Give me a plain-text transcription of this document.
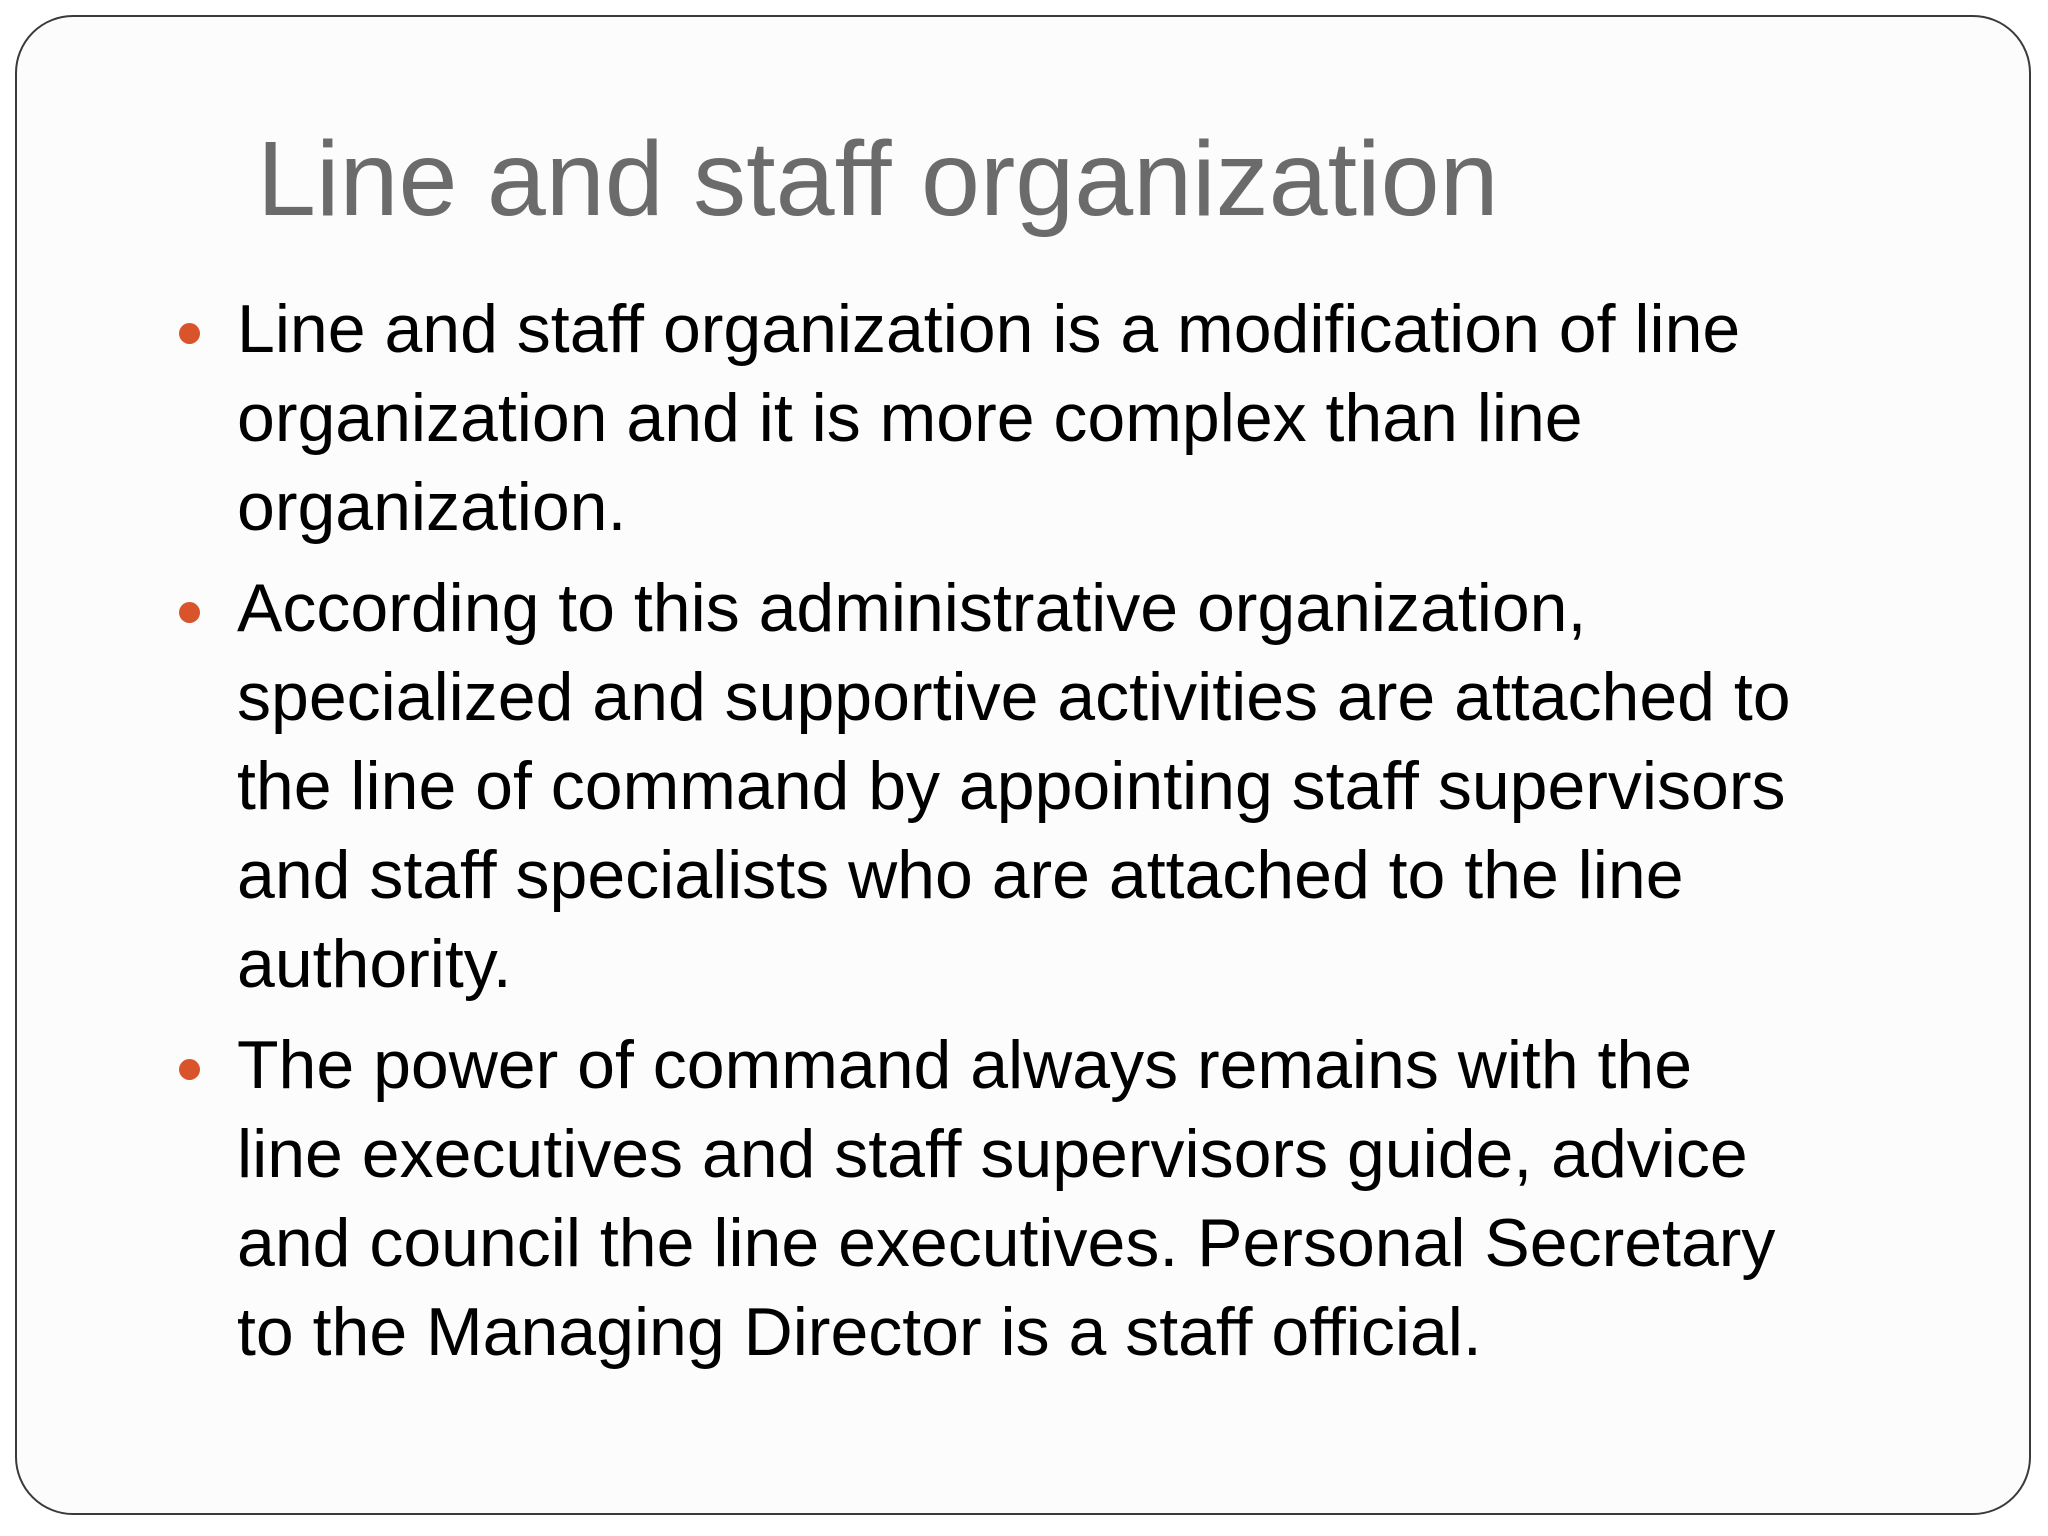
Line and staff organization
Line and staff organization is a modification of line
organization and it is more complex than line
organization.
According to this administrative organization,
specialized and supportive activities are attached to
the line of command by appointing staff supervisors
and staff specialists who are attached to the line
authority.
The power of command always remains with the
line executives and staff supervisors guide, advice
and council the line executives. Personal Secretary
to the Managing Director is a staff official.
